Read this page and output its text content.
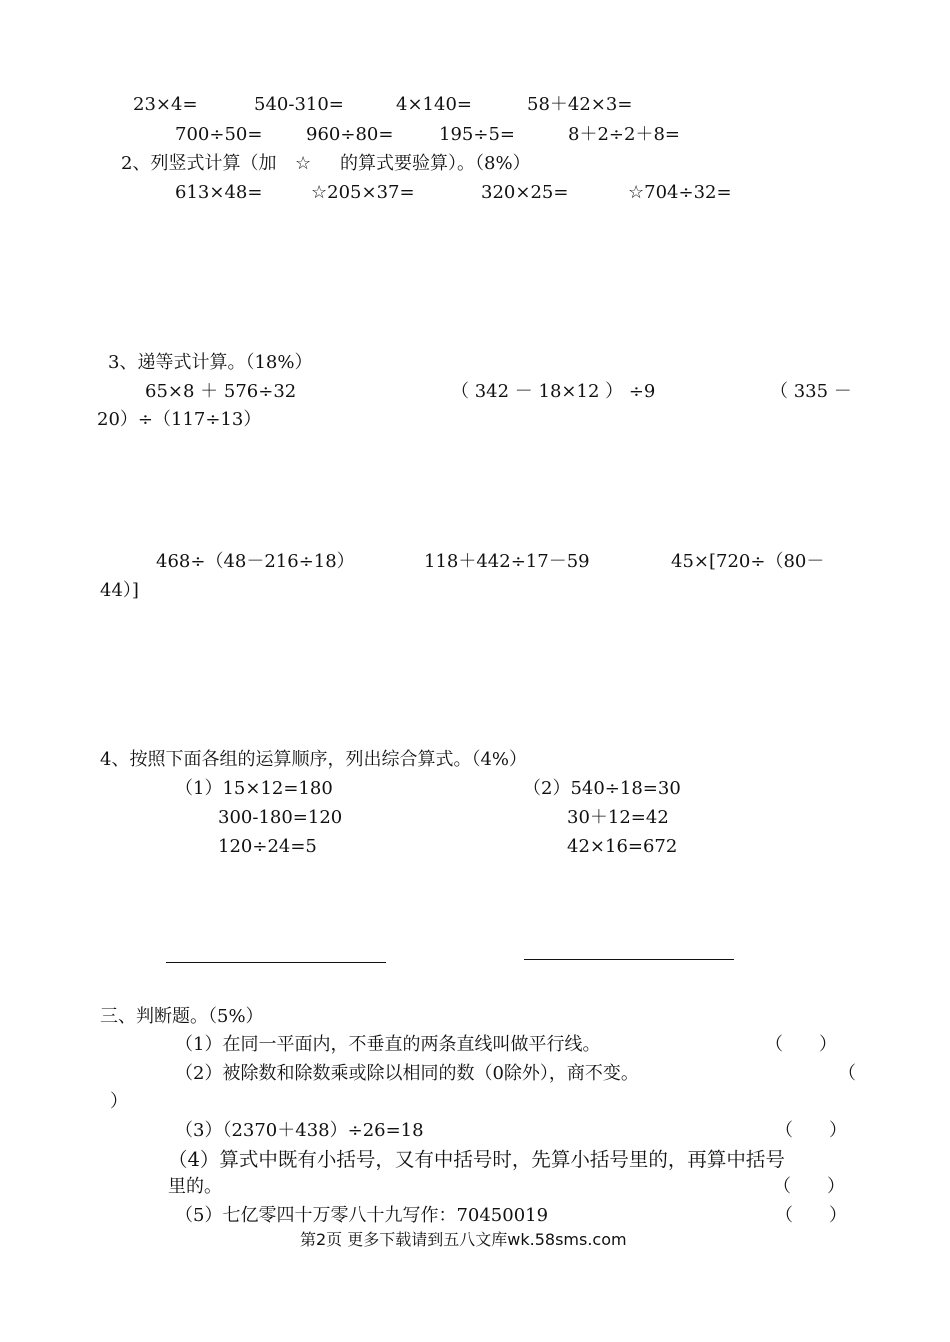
23×4=	540-310=	4×140=	58＋42×3=
700÷50= 960÷80=	195÷5=	8＋2÷2＋8=
2、列竖式计算（加 ☆ 的算式要验算）。（8%）
613×48=	☆205×37=	320×25=	☆704÷32=
3、递等式计算。（18%）
65×8 ＋ 576÷32	（ 342 － 18×12 ） ÷9	（ 335 －
20）÷（117÷13）
468÷（48－216÷18）	118＋442÷17－59	45×[720÷（80－
44）]
4、按照下面各组的运算顺序，列出综合算式。（4%）
（1）15×12=180
300-180=120
120÷24=5
（2）540÷18=30
30＋12=42
42×16=672
三、判断题。（5%）
（1）在同一平面内，不垂直的两条直线叫做平行线。	（　　）
（2）被除数和除数乘或除以相同的数（0除外），商不变。	（
）
（3）（2370＋438）÷26=18	（　　）
（4）算式中既有小括号，又有中括号时，先算小括号里的，再算中括号
里的。	（　　）
（5）七亿零四十万零八十九写作：70450019	（　　）
第2页 更多下载请到五八文库wk.58sms.com
